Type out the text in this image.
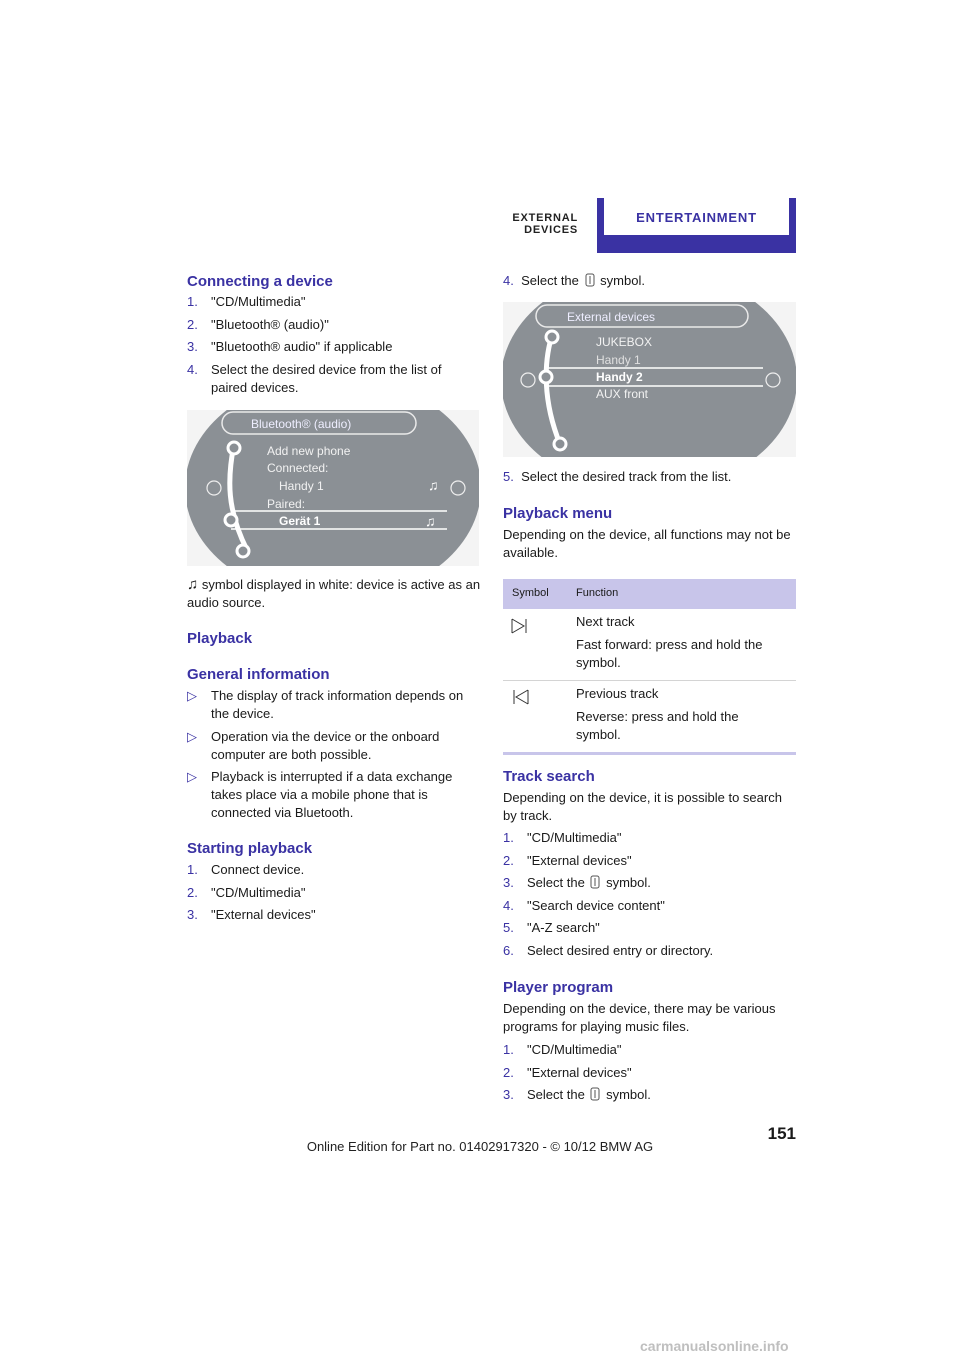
EXTERNAL DEVICES
ENTERTAINMENT
Connecting a device
1. "CD/Multimedia"
2. "Bluetooth® (audio)"
3. "Bluetooth® audio" if applicable
4. Select the desired device from the list of paired devices.
♫
♫
Bluetooth® (audio)
Add new phone
Connected:
Handy 1
Paired:
Gerät 1
♫ symbol displayed in white: device is active as an audio source.
Playback
General information
▷ The display of track information depends on the device.
▷ Operation via the device or the onboard computer are both possible.
▷ Playback is interrupted if a data exchange takes place via a mobile phone that is connected via Bluetooth.
Starting playback
1. Connect device.
2. "CD/Multimedia"
3. "External devices"
4. Select the symbol.
External devices
JUKEBOX
Handy 1
Handy 2
AUX front
5. Select the desired track from the list.
Playback menu
Depending on the device, all functions may not be available.
Symbol Function
Next track
Fast forward: press and hold the symbol.
Previous track
Reverse: press and hold the symbol.
Track search
Depending on the device, it is possible to search by track.
1. "CD/Multimedia"
2. "External devices"
3. Select the symbol.
4. "Search device content"
5. "A-Z search"
6. Select desired entry or directory.
Player program
Depending on the device, there may be various programs for playing music files.
1. "CD/Multimedia"
2. "External devices"
3. Select the symbol.
151
Online Edition for Part no. 01402917320 - © 10/12 BMW AG
carmanualsonline.info
